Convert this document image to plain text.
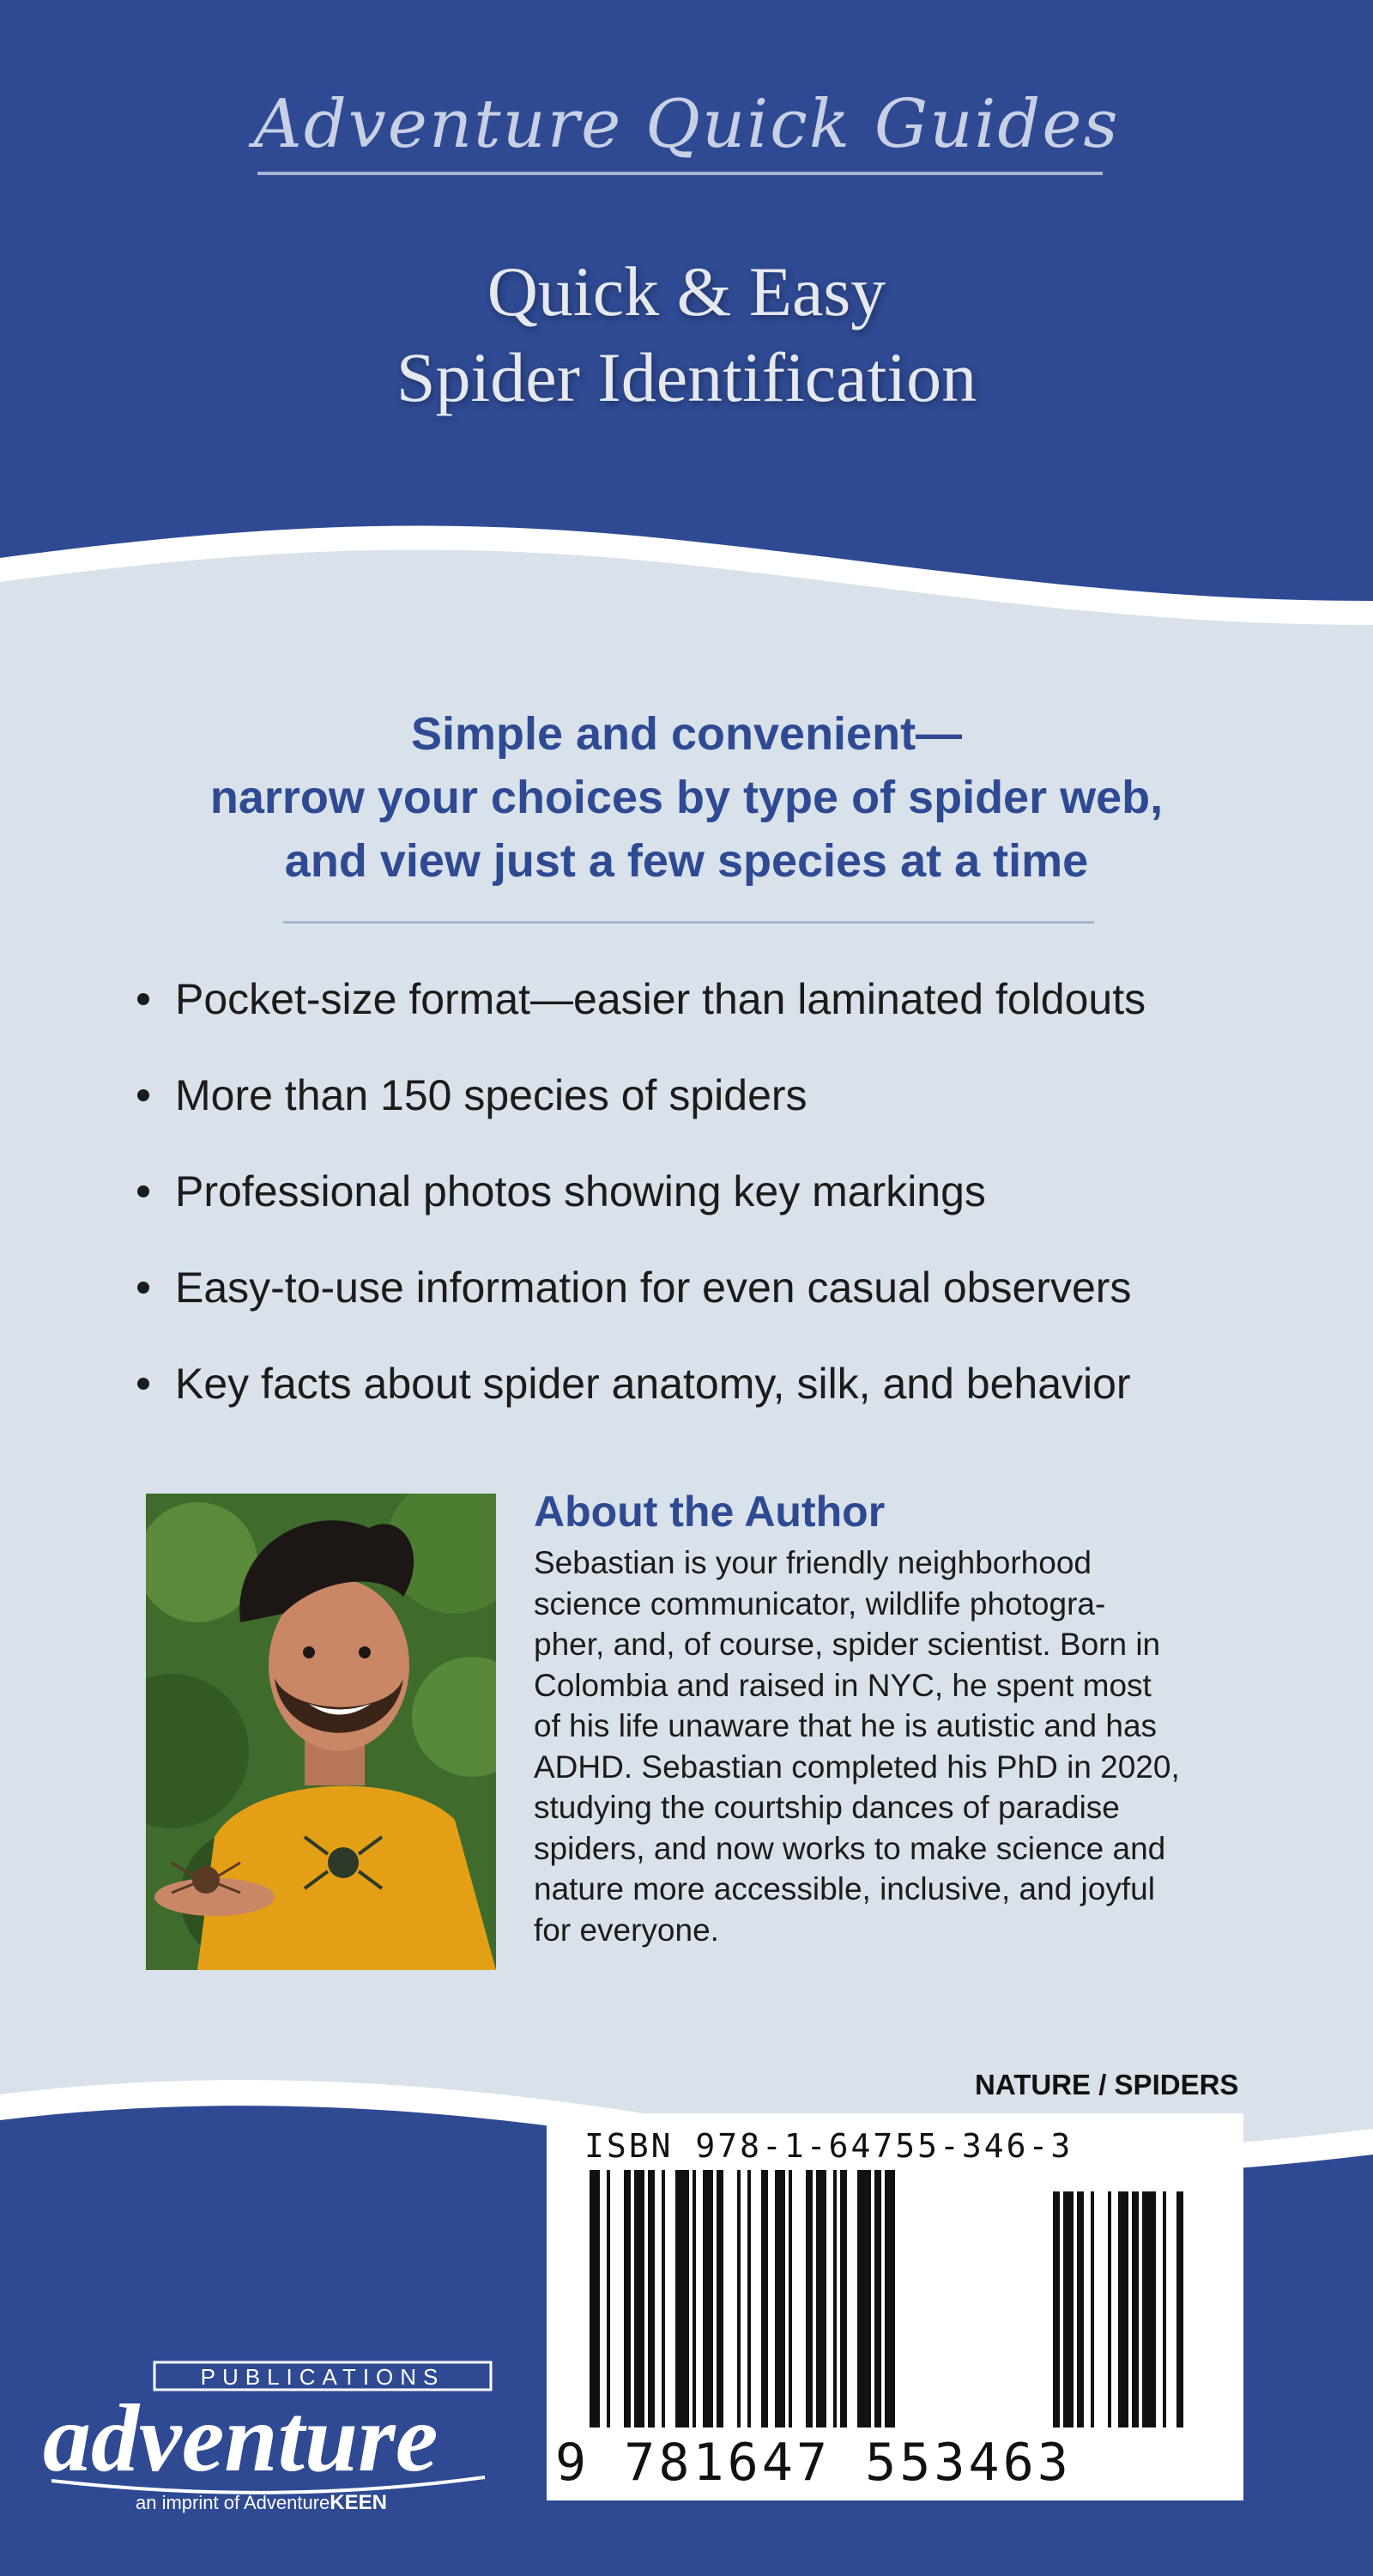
Adventure Quick Guides
Quick & Easy
Spider Identification
Simple and convenient—
narrow your choices by type of spider web,
and view just a few species at a time
Pocket-size format—easier than laminated foldouts
More than 150 species of spiders
Professional photos showing key markings
Easy-to-use information for even casual observers
Key facts about spider anatomy, silk, and behavior
About the Author
Sebastian is your friendly neighborhood
science communicator, wildlife photogra-
pher, and, of course, spider scientist. Born in
Colombia and raised in NYC, he spent most
of his life unaware that he is autistic and has
ADHD. Sebastian completed his PhD in 2020,
studying the courtship dances of paradise
spiders, and now works to make science and
nature more accessible, inclusive, and joyful
for everyone.
NATURE / SPIDERS
ISBN 978-1-64755-346-3
9 781647 553463
PUBLICATIONS
adventure
an imprint of AdventureKEEN
